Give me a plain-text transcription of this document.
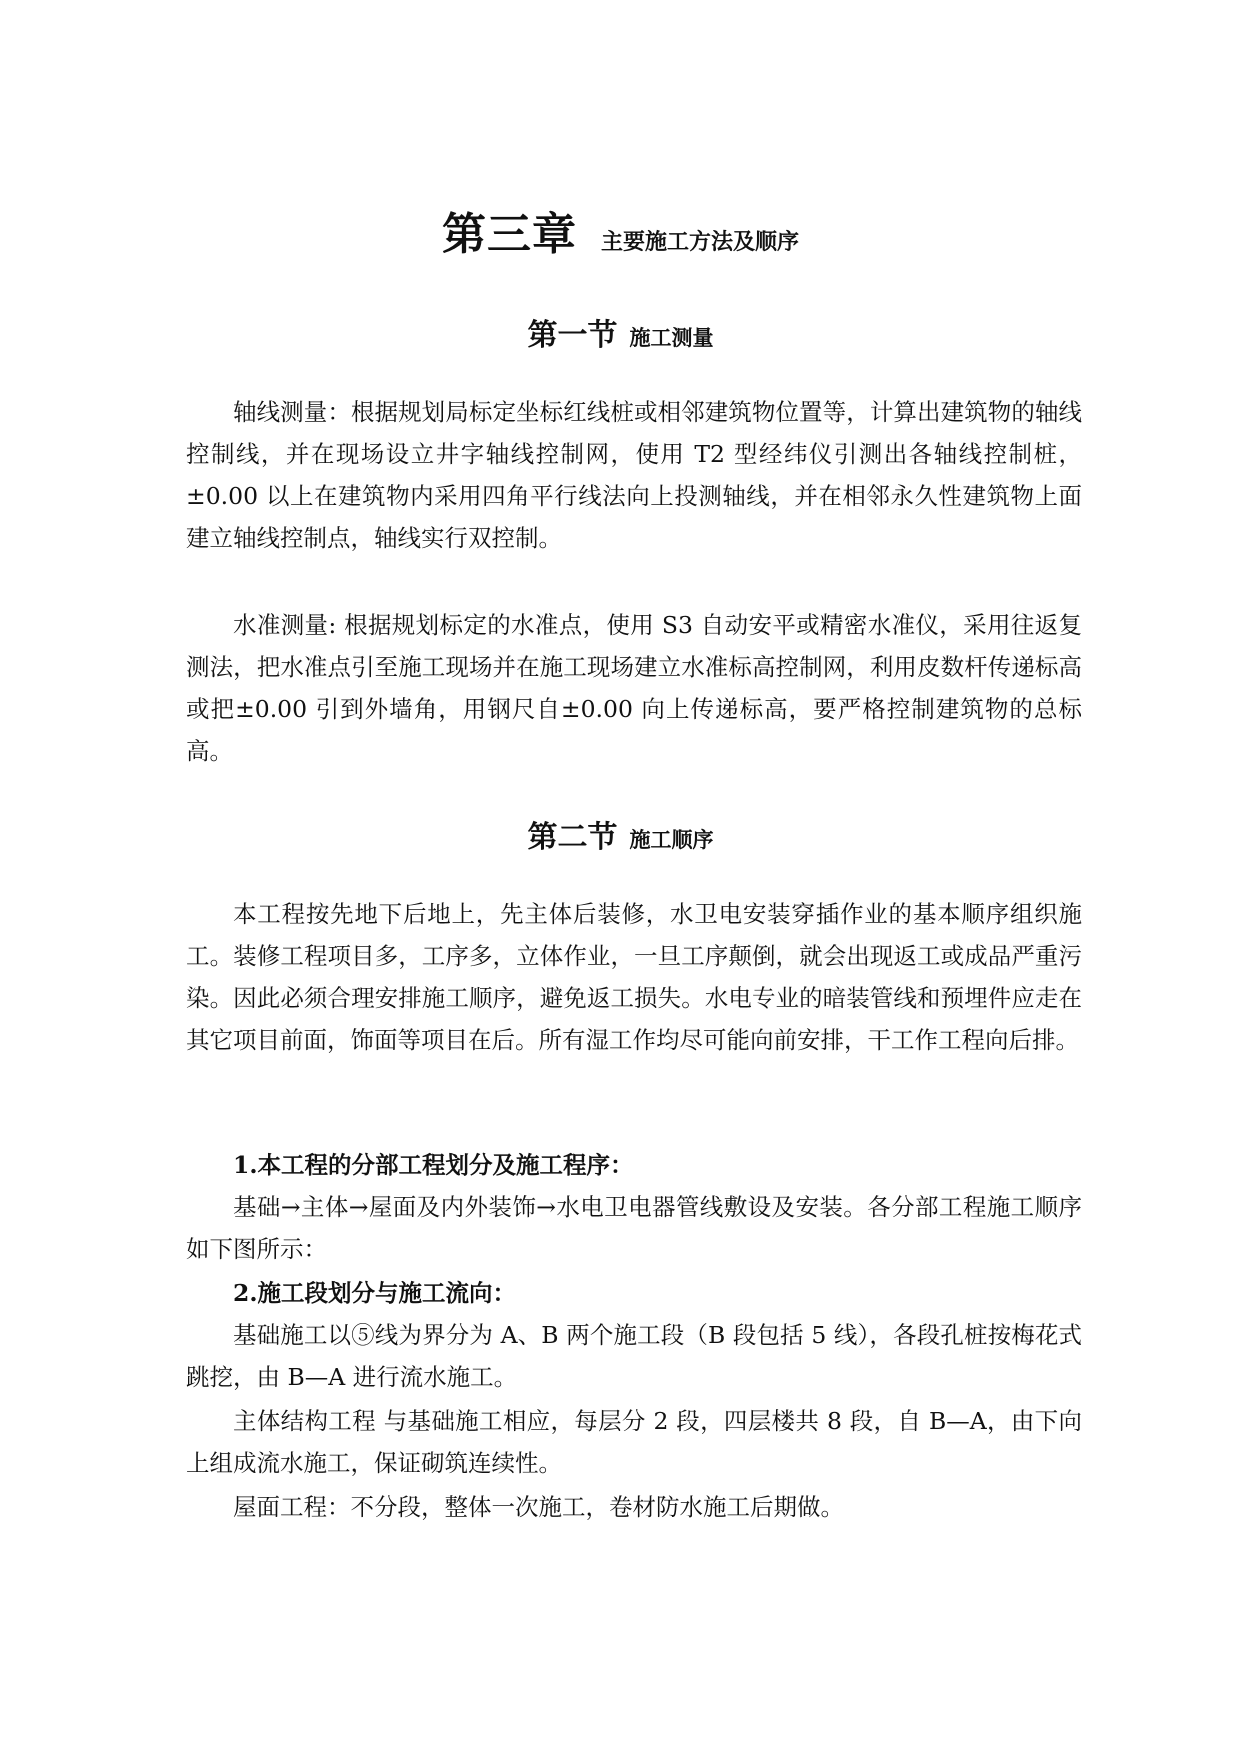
第三章 主要施工方法及顺序
第一节 施工测量

轴线测量：根据规划局标定坐标红线桩或相邻建筑物位置等，计算出建筑物的轴线控制线，并在现场设立井字轴线控制网，使用 T2 型经纬仪引测出各轴线控制桩，±0.00 以上在建筑物内采用四角平行线法向上投测轴线，并在相邻永久性建筑物上面建立轴线控制点，轴线实行双控制。

水准测量: 根据规划标定的水准点，使用 S3 自动安平或精密水准仪，采用往返复测法，把水准点引至施工现场并在施工现场建立水准标高控制网，利用皮数杆传递标高或把±0.00 引到外墙角，用钢尺自±0.00 向上传递标高，要严格控制建筑物的总标高。

第二节 施工顺序

本工程按先地下后地上，先主体后装修，水卫电安装穿插作业的基本顺序组织施工。装修工程项目多，工序多，立体作业，一旦工序颠倒，就会出现返工或成品严重污染。因此必须合理安排施工顺序，避免返工损失。水电专业的暗装管线和预埋件应走在其它项目前面，饰面等项目在后。所有湿工作均尽可能向前安排，干工作工程向后排。

1.本工程的分部工程划分及施工程序：

基础→主体→屋面及内外装饰→水电卫电器管线敷设及安装。各分部工程施工顺序如下图所示：

2.施工段划分与施工流向：

基础施工以⑤线为界分为 A、B 两个施工段（B 段包括 5 线），各段孔桩按梅花式跳挖，由 B—A 进行流水施工。

主体结构工程 与基础施工相应，每层分 2 段，四层楼共 8 段，自 B—A，由下向上组成流水施工，保证砌筑连续性。

屋面工程：不分段，整体一次施工，卷材防水施工后期做。
